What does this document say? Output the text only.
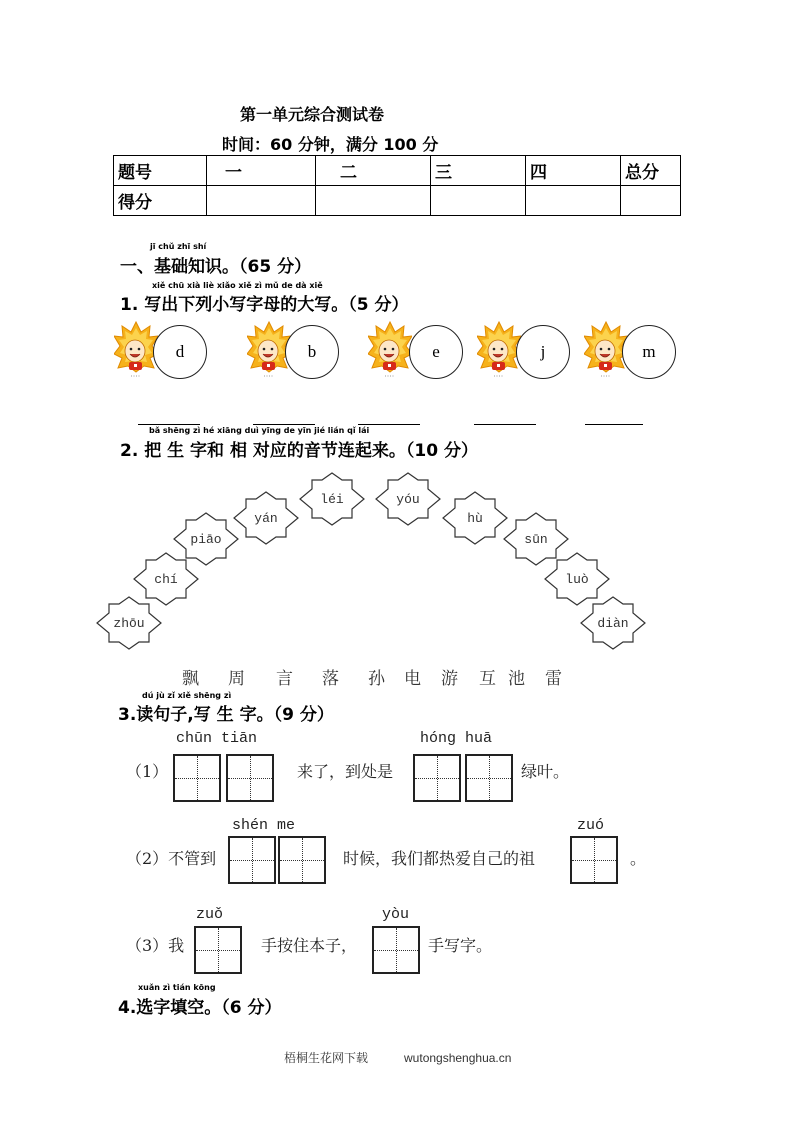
第一单元综合测试卷
时间：60 分钟，满分 100 分
题号	一	二	三	四	总分
得分					
jī chǔ zhī shí
一、基础知识。（65 分）
xiě chū xià liè xiǎo xiě zì mǔ de dà xiě
1. 写出下列小写字母的大写。（5 分）
d	b	e	j	m
bǎ shēng zì hé xiāng duì yīng de yīn jié lián qǐ lái
2. 把 生 字和 相 对应的音节连起来。（10 分）
zhōu
chí
piāo
yán
léi	yóu
hù
sūn
luò
diàn
飘 周 言 落 孙 电 游 互 池 雷
dú jù zǐ xiě shēng zì
3.读句子,写 生 字。（9 分）
chūn tiān
（1）	来了，到处是
hóng huā
绿叶。
shén me
（2）不管到	时候，我们都热爱自己的祖
zuó
。
zuǒ
（3）我	手按住本子，
yòu
手写字。
xuǎn zì tián kōng
4.选字填空。（6 分）
梧桐生花网下载	wutongshenghua.cn
